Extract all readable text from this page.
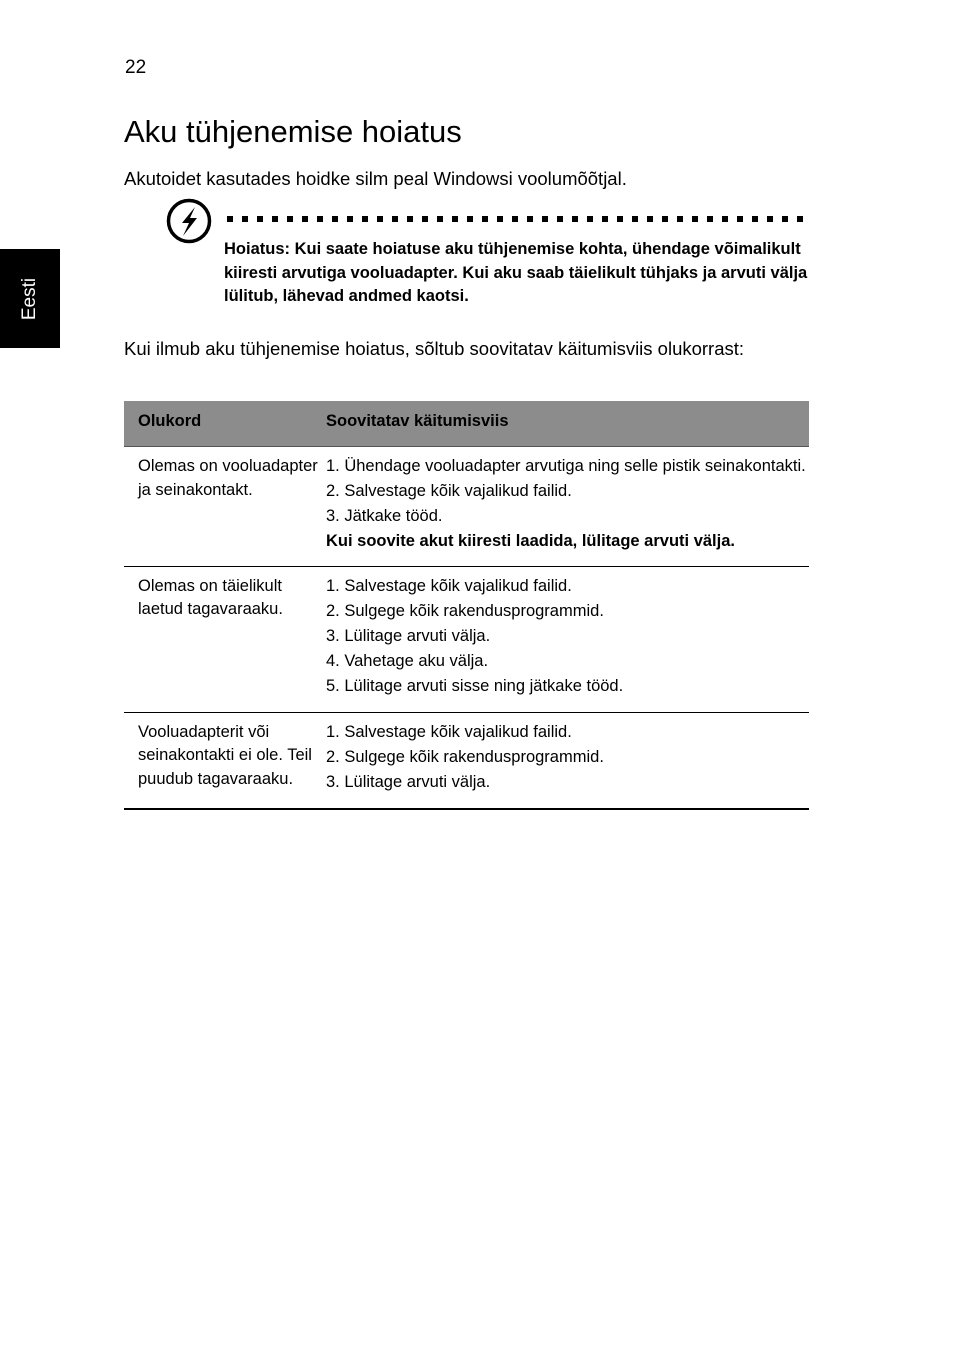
22
Eesti
Aku tühjenemise hoiatus

Akutoidet kasutades hoidke silm peal Windowsi voolumõõtjal.

Hoiatus: Kui saate hoiatuse aku tühjenemise kohta, ühendage võimalikult kiiresti arvutiga vooluadapter. Kui aku saab täielikult tühjaks ja arvuti välja lülitub, lähevad andmed kaotsi.

Kui ilmub aku tühjenemise hoiatus, sõltub soovitatav käitumisviis olukorrast:

Olukord	Soovitatav käitumisviis
Olemas on vooluadapter ja seinakontakt.	1. Ühendage vooluadapter arvutiga ning selle pistik seinakontakti.
2. Salvestage kõik vajalikud failid.
3. Jätkake tööd.
Kui soovite akut kiiresti laadida, lülitage arvuti välja.

Olemas on täielikult laetud tagavaraaku.	1. Salvestage kõik vajalikud failid.
2. Sulgege kõik rakendusprogrammid.
3. Lülitage arvuti välja.
4. Vahetage aku välja.
5. Lülitage arvuti sisse ning jätkake tööd.

Vooluadapterit või seinakontakti ei ole. Teil puudub tagavaraaku.	1. Salvestage kõik vajalikud failid.
2. Sulgege kõik rakendusprogrammid.
3. Lülitage arvuti välja.
